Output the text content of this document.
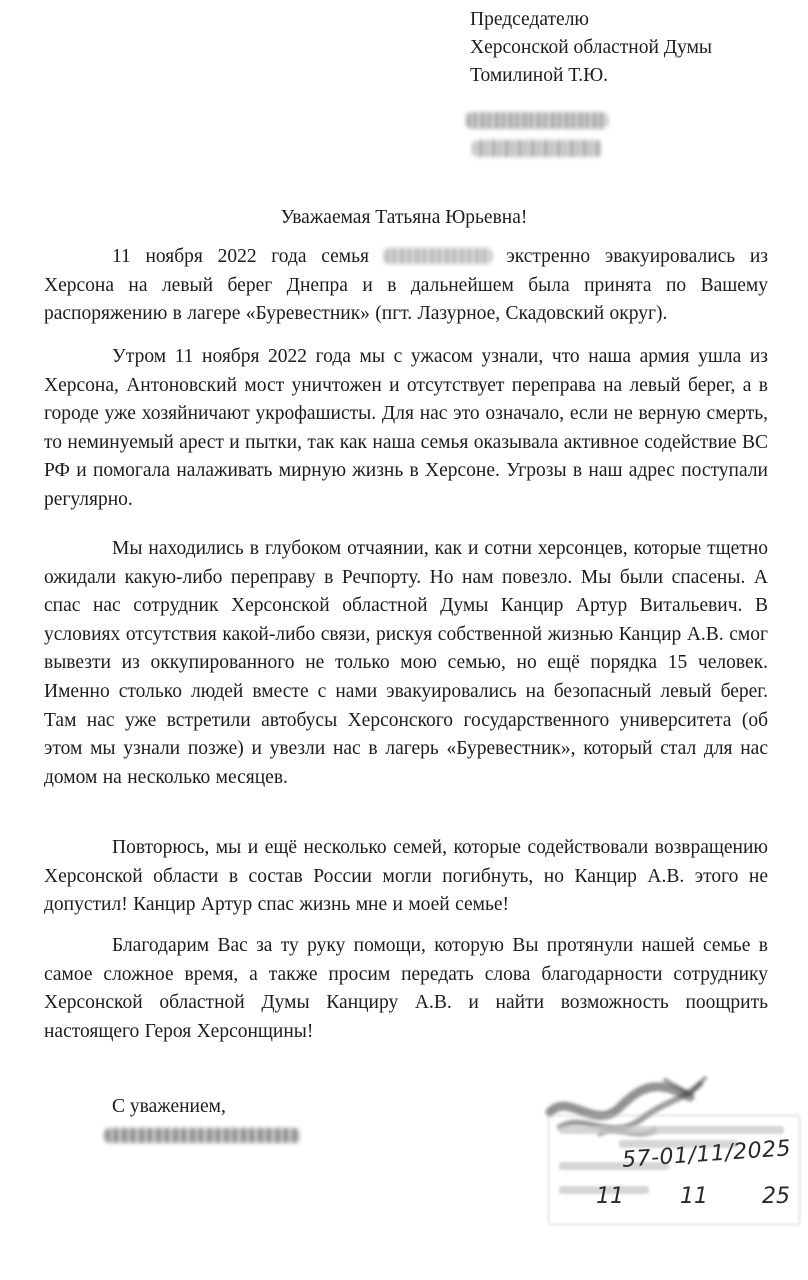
Председателю
Херсонской областной Думы
Томилиной Т.Ю.
Уважаемая Татьяна Юрьевна!

11 ноября 2022 года семья	экстренно эвакуировались из Херсона на левый берег Днепра и в дальнейшем была принята по Вашему распоряжению в лагере «Буревестник» (пгт. Лазурное, Скадовский округ).

Утром 11 ноября 2022 года мы с ужасом узнали, что наша армия ушла из Херсона, Антоновский мост уничтожен и отсутствует переправа на левый берег, а в городе уже хозяйничают укрофашисты. Для нас это означало, если не верную смерть, то неминуемый арест и пытки, так как наша семья оказывала активное содействие ВС РФ и помогала налаживать мирную жизнь в Херсоне. Угрозы в наш адрес поступали регулярно.

Мы находились в глубоком отчаянии, как и сотни херсонцев, которые тщетно ожидали какую-либо переправу в Речпорту. Но нам повезло. Мы были спасены. А спас нас сотрудник Херсонской областной Думы Канцир Артур Витальевич. В условиях отсутствия какой-либо связи, рискуя собственной жизнью Канцир А.В. смог вывезти из оккупированного не только мою семью, но ещё порядка 15 человек. Именно столько людей вместе с нами эвакуировались на безопасный левый берег. Там нас уже встретили автобусы Херсонского государственного университета (об этом мы узнали позже) и увезли нас в лагерь «Буревестник», который стал для нас домом на несколько месяцев.

Повторюсь, мы и ещё несколько семей, которые содействовали возвращению Херсонской области в состав России могли погибнуть, но Канцир А.В. этого не допустил! Канцир Артур спас жизнь мне и моей семье!

Благодарим Вас за ту руку помощи, которую Вы протянули нашей семье в самое сложное время, а также просим передать слова благодарности сотруднику Херсонской областной Думы Канциру А.В. и найти возможность поощрить настоящего Героя Херсонщины!

С уважением,
57-01/11/2025
11	11 25
